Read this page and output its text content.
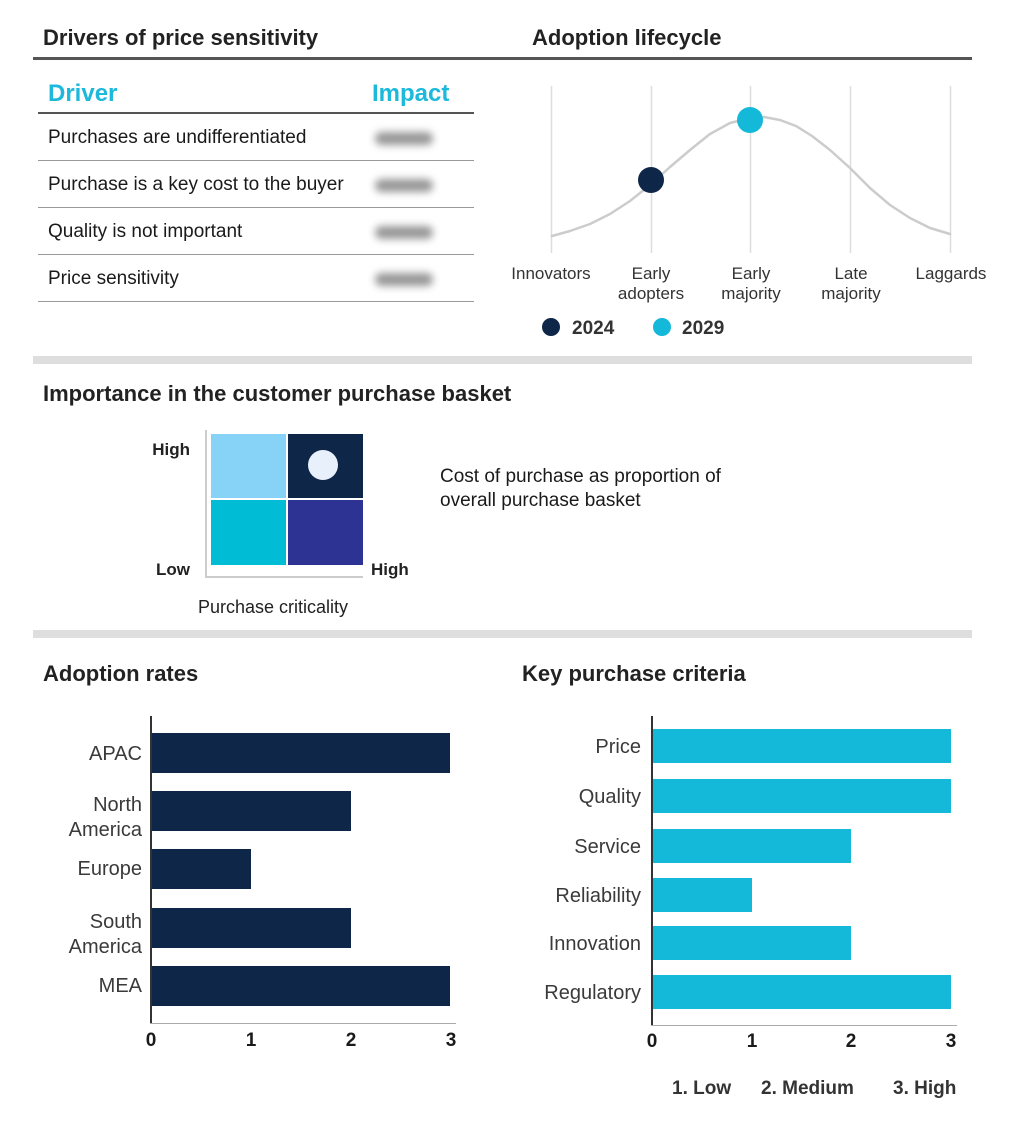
Drivers of price sensitivity	Adoption lifecycle
Driver	Impact
Purchases are undifferentiated
Purchase is a key cost to the buyer
Quality is not important
Price sensitivity	Innovators	Early
adopters
Early
majority
Late
majority
Laggards

2024	2029
Importance in the customer purchase basket
High
Low	High
Purchase criticality
Cost of purchase as proportion of
overall purchase basket
Adoption rates
APAC
North
America
Europe
South
America
MEA
0	1	2	3
Key purchase criteria
Price
Quality
Service
Reliability
Innovation
Regulatory
0	1	2	3
1. Low 2. Medium 3. High
